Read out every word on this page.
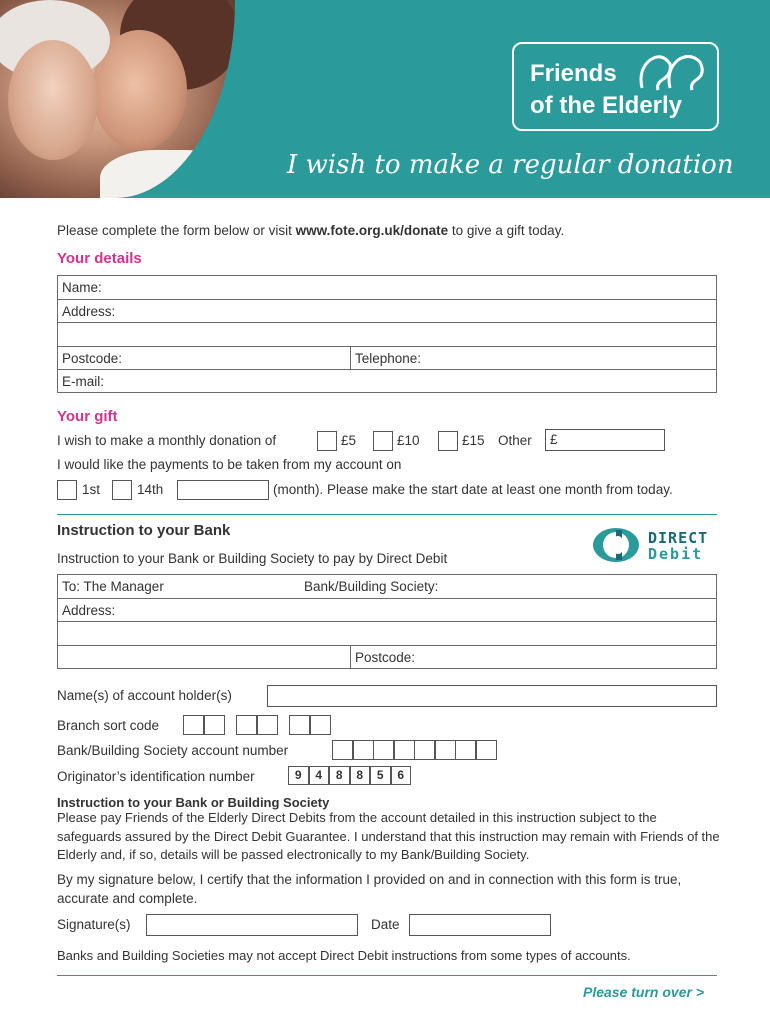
Friends
of the Elderly
I wish to make a regular donation
Please complete the form below or visit www.fote.org.uk/donate to give a gift today.
Your details
Name:
Address:
Postcode:	Telephone:
E-mail:
Your gift
I wish to make a monthly donation of	£5	£10	£15 Other	£
I would like the payments to be taken from my account on
1st	14th	(month). Please make the start date at least one month from today.
Instruction to your Bank
Instruction to your Bank or Building Society to pay by Direct Debit
DIRECT
Debit
To: The Manager	Bank/Building Society:
Address:
Postcode:
Name(s) of account holder(s)
Branch sort code
Bank/Building Society account number
Originator’s identification number	9	4	8	8	5	6
Instruction to your Bank or Building Society
Please pay Friends of the Elderly Direct Debits from the account detailed in this instruction subject to the safeguards assured by the Direct Debit Guarantee. I understand that this instruction may remain with Friends of the Elderly and, if so, details will be passed electronically to my Bank/Building Society.
By my signature below, I certify that the information I provided on and in connection with this form is true, accurate and complete.
Signature(s)	Date
Banks and Building Societies may not accept Direct Debit instructions from some types of accounts.
Please turn over >
